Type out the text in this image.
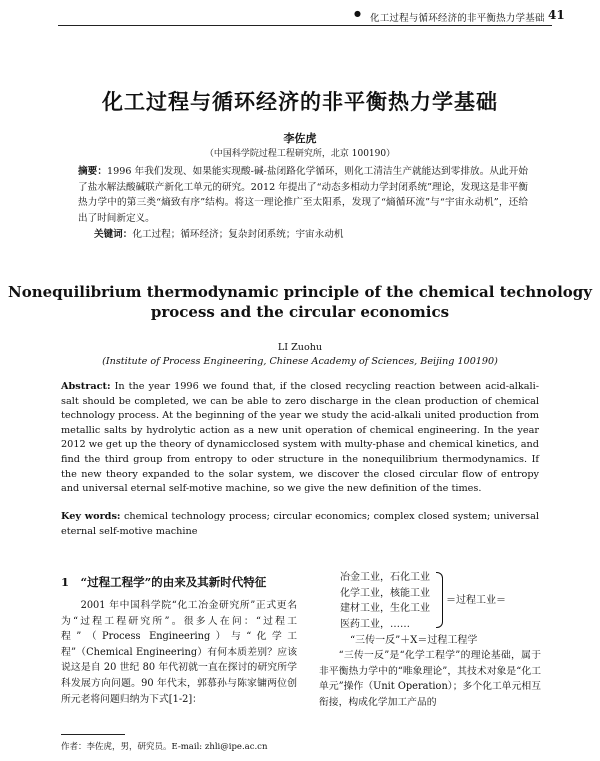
● 化工过程与循环经济的非平衡热力学基础 41
化工过程与循环经济的非平衡热力学基础
李佐虎
（中国科学院过程工程研究所，北京 100190）
摘要：1996 年我们发现、如果能实现酸-碱-盐闭路化学循环，则化工清洁生产就能达到零排放。从此开始了盐水解法酸碱联产新化工单元的研究。2012 年提出了“动态多相动力学封闭系统”理论，发现这是非平衡热力学中的第三类“熵致有序”结构。将这一理论推广至太阳系，发现了“熵循环流”与“宇宙永动机”，还给出了时间新定义。
关键词：化工过程；循环经济；复杂封闭系统；宇宙永动机
Nonequilibrium thermodynamic principle of the chemical technology
process and the circular economics
LI Zuohu
(Institute of Process Engineering, Chinese Academy of Sciences, Beijing 100190)
Abstract: In the year 1996 we found that, if the closed recycling reaction between acid-alkali-salt should be completed, we can be able to zero discharge in the clean production of chemical technology process. At the beginning of the year we study the acid-alkali united production from metallic salts by hydrolytic action as a new unit operation of chemical engineering. In the year 2012 we get up the theory of dynamicclosed system with multy-phase and chemical kinetics, and find the third group from entropy to oder structure in the nonequilibrium thermodynamics. If the new theory expanded to the solar system, we discover the closed circular flow of entropy and universal eternal self-motive machine, so we give the new definition of the times.
Key words: chemical technology process; circular economics; complex closed system; universal eternal self-motive machine
1　“过程工程学”的由来及其新时代特征

2001 年中国科学院“化工冶金研究所”正式更名为“过程工程研究所”。很多人在问：“过程工程”（Process Engineering）与“化学工程”（Chemical Engineering）有何本质差别？应该说这是自 20 世纪 80 年代初就一直在探讨的研究所学科发展方向问题。90 年代末，郭慕孙与陈家镛两位创所元老将问题归纳为下式[1-2]：

冶金工业，石化工业
化学工业，核能工业
建材工业，生化工业
医药工业，……
＝过程工业＝
“三传一反”＋X＝过程工程学

“三传一反”是“化学工程学”的理论基础，属于非平衡热力学中的“唯象理论”，其技术对象是“化工单元”操作（Unit Operation）；多个化工单元相互衔接，构成化学加工产品的

作者：李佐虎，男，研究员。E-mail: zhli@ipe.ac.cn
